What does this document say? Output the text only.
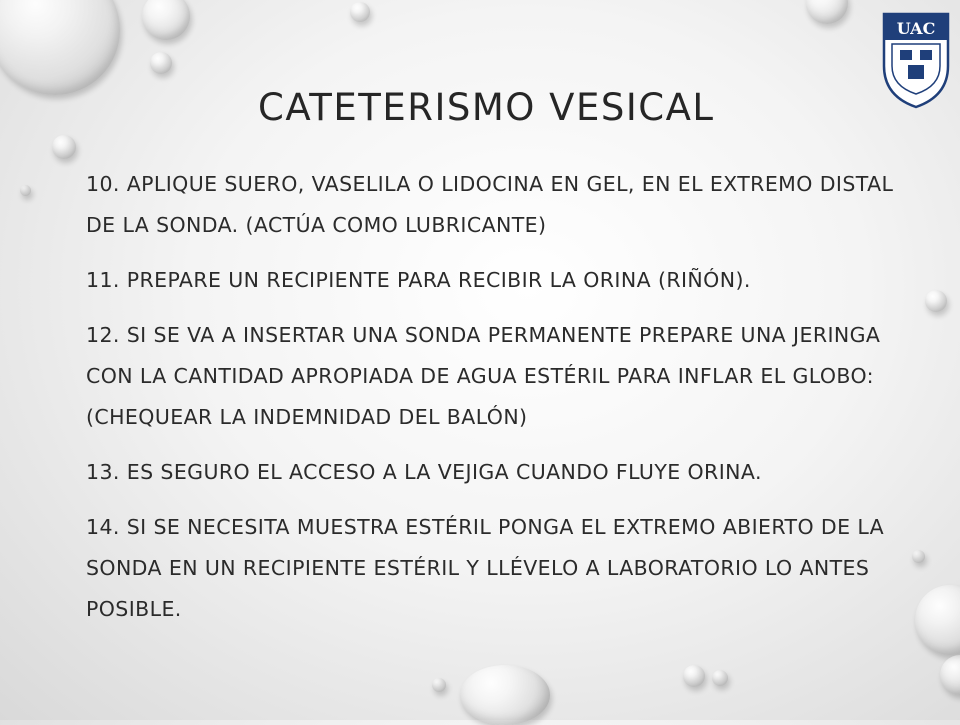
UAC
CATETERISMO VESICAL

10. APLIQUE SUERO, VASELILA O LIDOCINA EN GEL, EN EL EXTREMO DISTAL DE LA SONDA. (ACTÚA COMO LUBRICANTE)

11. PREPARE UN RECIPIENTE PARA RECIBIR LA ORINA (RIÑÓN).

12. SI SE VA A INSERTAR UNA SONDA PERMANENTE PREPARE UNA JERINGA CON LA CANTIDAD APROPIADA DE AGUA ESTÉRIL PARA INFLAR EL GLOBO: (CHEQUEAR LA INDEMNIDAD DEL BALÓN)

13. ES SEGURO EL ACCESO A LA VEJIGA CUANDO FLUYE ORINA.

14. SI SE NECESITA MUESTRA ESTÉRIL PONGA EL EXTREMO ABIERTO DE LA SONDA EN UN RECIPIENTE ESTÉRIL Y LLÉVELO A LABORATORIO LO ANTES POSIBLE.
